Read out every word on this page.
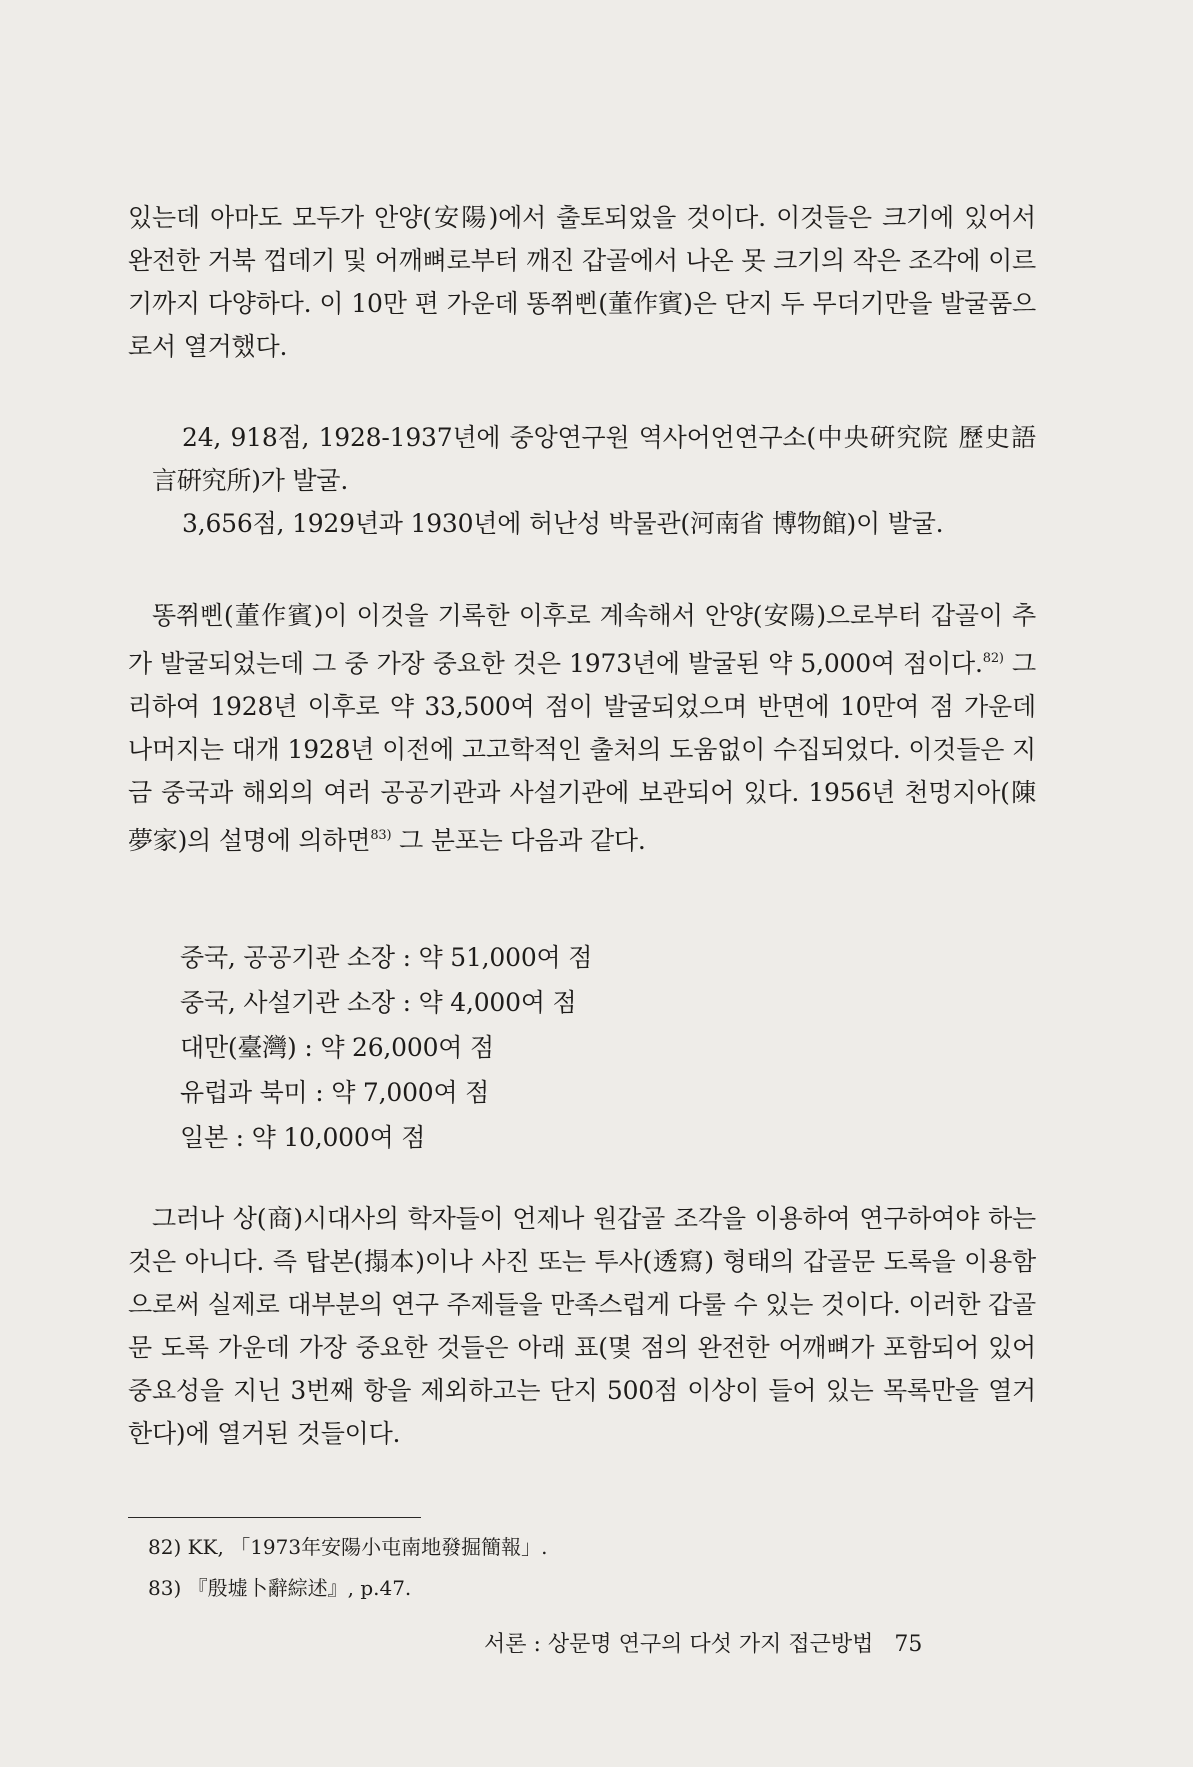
있는데 아마도 모두가 안양(安陽)에서 출토되었을 것이다. 이것들은 크기에 있어서 완전한 거북 껍데기 및 어깨뼈로부터 깨진 갑골에서 나온 못 크기의 작은 조각에 이르기까지 다양하다. 이 10만 편 가운데 똥쮜삔(董作賓)은 단지 두 무더기만을 발굴품으로서 열거했다.

24, 918점, 1928-1937년에 중앙연구원 역사어언연구소(中央硏究院 歷史語言硏究所)가 발굴.

3,656점, 1929년과 1930년에 허난성 박물관(河南省 博物館)이 발굴.

똥쮜삔(董作賓)이 이것을 기록한 이후로 계속해서 안양(安陽)으로부터 갑골이 추가 발굴되었는데 그 중 가장 중요한 것은 1973년에 발굴된 약 5,000여 점이다.$^{82)}$ 그리하여 1928년 이후로 약 33,500여 점이 발굴되었으며 반면에 10만여 점 가운데 나머지는 대개 1928년 이전에 고고학적인 출처의 도움없이 수집되었다. 이것들은 지금 중국과 해외의 여러 공공기관과 사설기관에 보관되어 있다. 1956년 천멍지아(陳夢家)의 설명에 의하면$^{83)}$ 그 분포는 다음과 같다.

중국, 공공기관 소장 : 약 51,000여 점

중국, 사설기관 소장 : 약 4,000여 점

대만(臺灣) : 약 26,000여 점

유럽과 북미 : 약 7,000여 점

일본 : 약 10,000여 점

그러나 상(商)시대사의 학자들이 언제나 원갑골 조각을 이용하여 연구하여야 하는 것은 아니다. 즉 탑본(搨本)이나 사진 또는 투사(透寫) 형태의 갑골문 도록을 이용함으로써 실제로 대부분의 연구 주제들을 만족스럽게 다룰 수 있는 것이다. 이러한 갑골문 도록 가운데 가장 중요한 것들은 아래 표(몇 점의 완전한 어깨뼈가 포함되어 있어 중요성을 지닌 3번째 항을 제외하고는 단지 500점 이상이 들어 있는 목록만을 열거한다)에 열거된 것들이다.

82) KK, 「1973年安陽小屯南地發掘簡報」.
83) 『殷墟卜辭綜述』, p.47.
서론 : 상문명 연구의 다섯 가지 접근방법 75
